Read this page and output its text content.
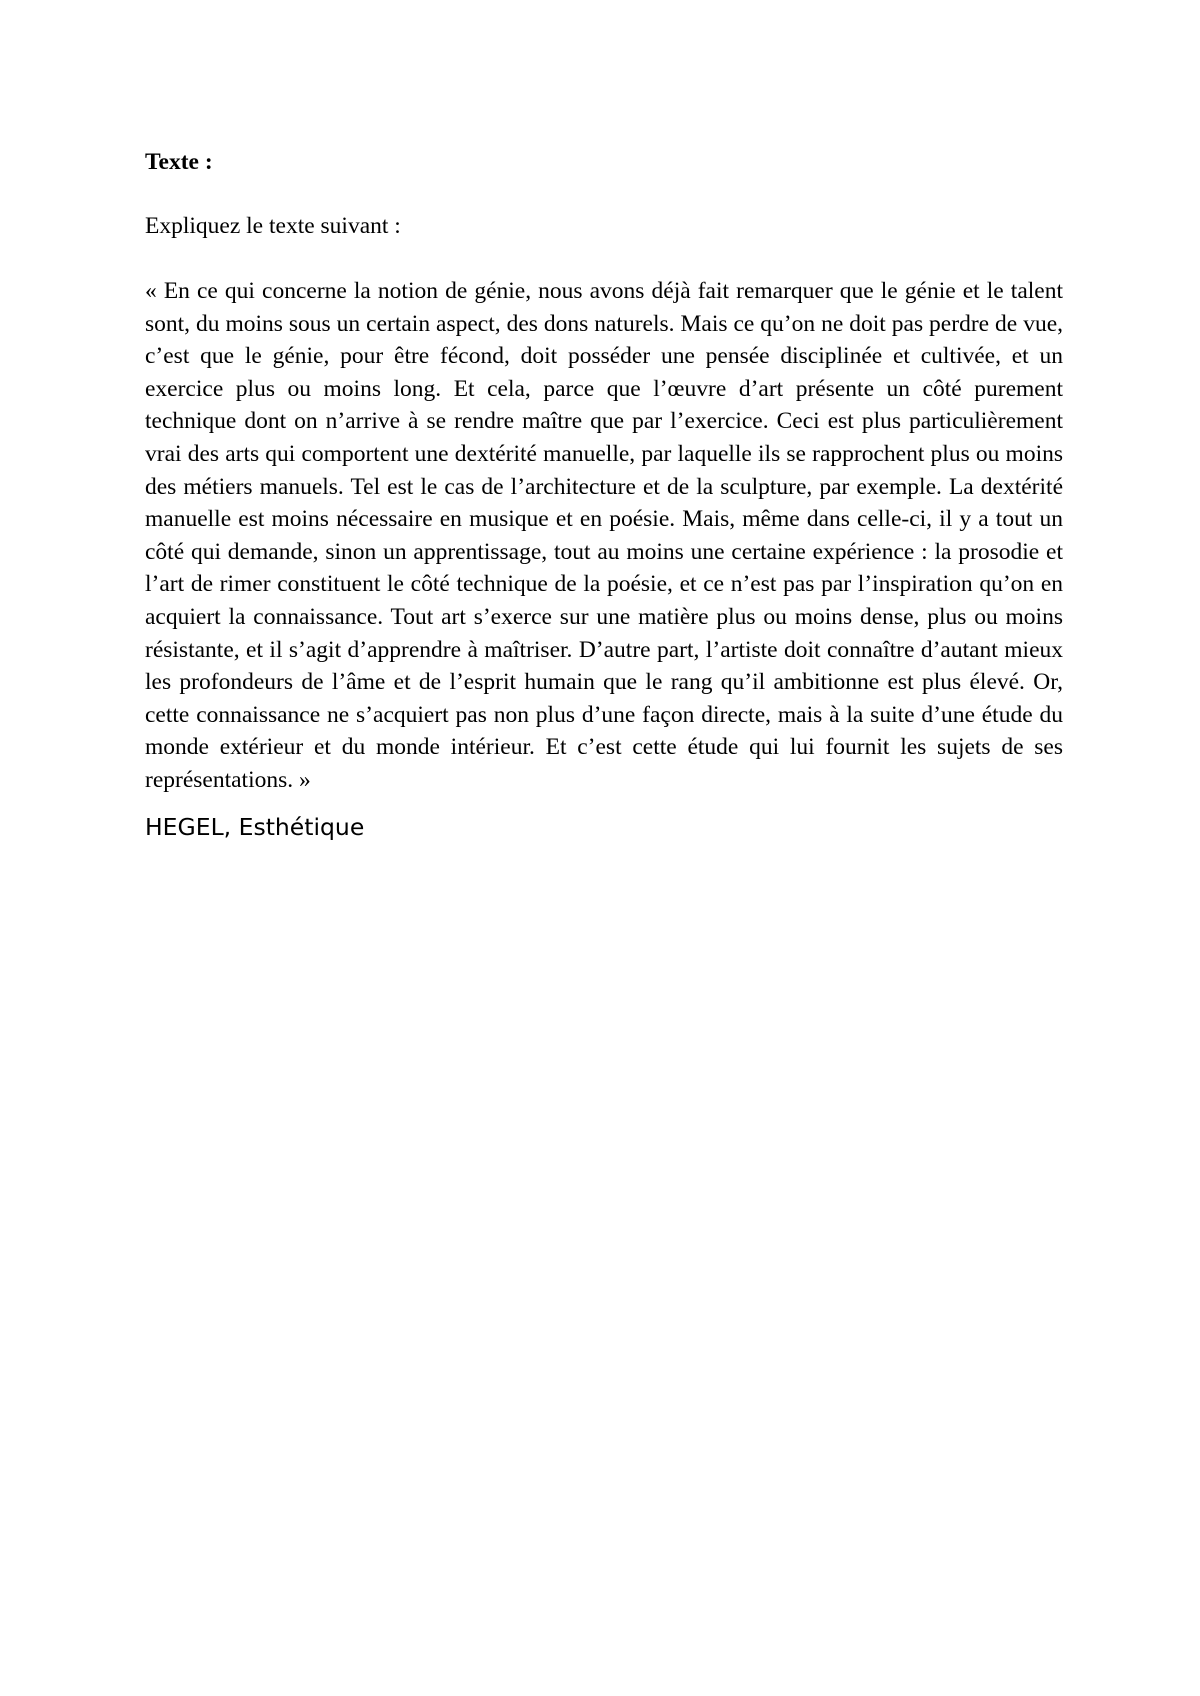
Texte :

Expliquez le texte suivant :

« En ce qui concerne la notion de génie, nous avons déjà fait remarquer que le génie et le talent sont, du moins sous un certain aspect, des dons naturels. Mais ce qu’on ne doit pas perdre de vue, c’est que le génie, pour être fécond, doit posséder une pensée disciplinée et cultivée, et un exercice plus ou moins long. Et cela, parce que l’œuvre d’art présente un côté purement technique dont on n’arrive à se rendre maître que par l’exercice. Ceci est plus particulièrement vrai des arts qui comportent une dextérité manuelle, par laquelle ils se rapprochent plus ou moins des métiers manuels. Tel est le cas de l’architecture et de la sculpture, par exemple. La dextérité manuelle est moins nécessaire en musique et en poésie. Mais, même dans celle-ci, il y a tout un côté qui demande, sinon un apprentissage, tout au moins une certaine expérience : la prosodie et l’art de rimer constituent le côté technique de la poésie, et ce n’est pas par l’inspiration qu’on en acquiert la connaissance. Tout art s’exerce sur une matière plus ou moins dense, plus ou moins résistante, et il s’agit d’apprendre à maîtriser. D’autre part, l’artiste doit connaître d’autant mieux les profondeurs de l’âme et de l’esprit humain que le rang qu’il ambitionne est plus élevé. Or, cette connaissance ne s’acquiert pas non plus d’une façon directe, mais à la suite d’une étude du monde extérieur et du monde intérieur. Et c’est cette étude qui lui fournit les sujets de ses représentations. »

HEGEL, Esthétique
